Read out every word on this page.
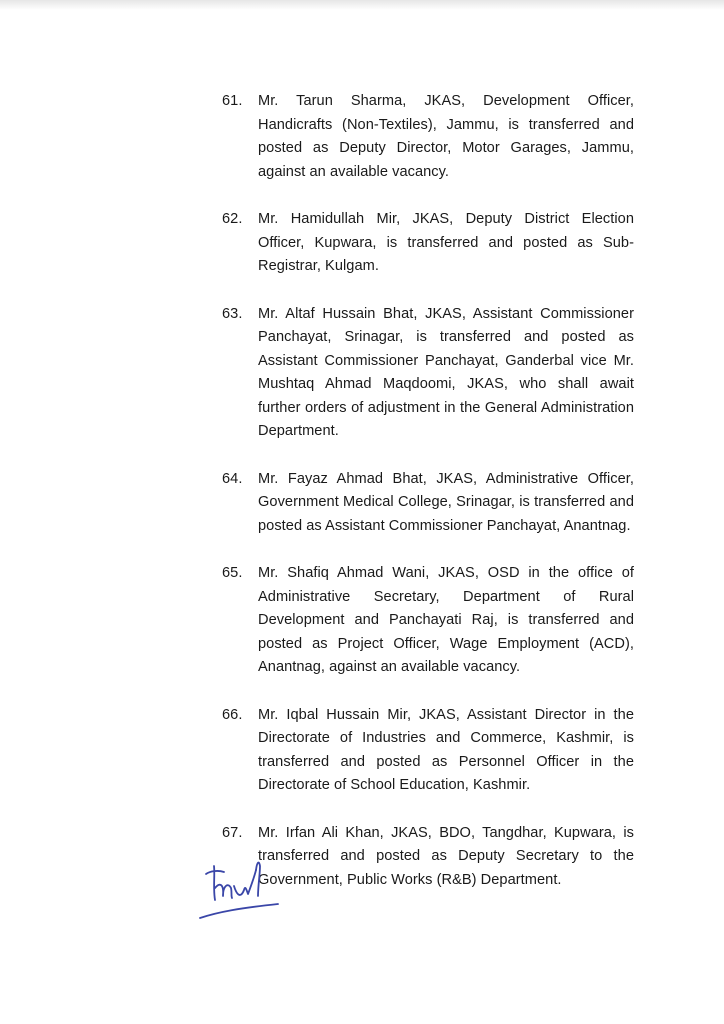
61. Mr. Tarun Sharma, JKAS, Development Officer, Handicrafts (Non-Textiles), Jammu, is transferred and posted as Deputy Director, Motor Garages, Jammu, against an available vacancy.
62. Mr. Hamidullah Mir, JKAS, Deputy District Election Officer, Kupwara, is transferred and posted as Sub-Registrar, Kulgam.
63. Mr. Altaf Hussain Bhat, JKAS, Assistant Commissioner Panchayat, Srinagar, is transferred and posted as Assistant Commissioner Panchayat, Ganderbal vice Mr. Mushtaq Ahmad Maqdoomi, JKAS, who shall await further orders of adjustment in the General Administration Department.
64. Mr. Fayaz Ahmad Bhat, JKAS, Administrative Officer, Government Medical College, Srinagar, is transferred and posted as Assistant Commissioner Panchayat, Anantnag.
65. Mr. Shafiq Ahmad Wani, JKAS, OSD in the office of Administrative Secretary, Department of Rural Development and Panchayati Raj, is transferred and posted as Project Officer, Wage Employment (ACD), Anantnag, against an available vacancy.
66. Mr. Iqbal Hussain Mir, JKAS, Assistant Director in the Directorate of Industries and Commerce, Kashmir, is transferred and posted as Personnel Officer in the Directorate of School Education, Kashmir.
67. Mr. Irfan Ali Khan, JKAS, BDO, Tangdhar, Kupwara, is transferred and posted as Deputy Secretary to the Government, Public Works (R&B) Department.
